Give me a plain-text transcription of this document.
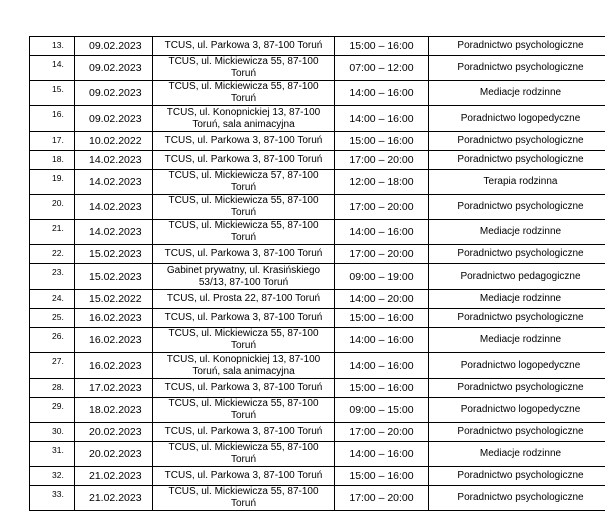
13.	09.02.2023	TCUS, ul. Parkowa 3, 87-100 Toruń	15:00 – 16:00	Poradnictwo psychologiczne
14.	09.02.2023	TCUS, ul. Mickiewicza 55, 87-100 Toruń	07:00 – 12:00	Poradnictwo psychologiczne
15.	09.02.2023	TCUS, ul. Mickiewicza 55, 87-100 Toruń	14:00 – 16:00	Mediacje rodzinne
16.	09.02.2023	TCUS, ul. Konopnickiej 13, 87-100 Toruń, sala animacyjna	14:00 – 16:00	Poradnictwo logopedyczne
17.	10.02.2022	TCUS, ul. Parkowa 3, 87-100 Toruń	15:00 – 16:00	Poradnictwo psychologiczne
18.	14.02.2023	TCUS, ul. Parkowa 3, 87-100 Toruń	17:00 – 20:00	Poradnictwo psychologiczne
19.	14.02.2023	TCUS, ul. Mickiewicza 57, 87-100 Toruń	12:00 – 18:00	Terapia rodzinna
20.	14.02.2023	TCUS, ul. Mickiewicza 55, 87-100 Toruń	17:00 – 20:00	Poradnictwo psychologiczne
21.	14.02.2023	TCUS, ul. Mickiewicza 55, 87-100 Toruń	14:00 – 16:00	Mediacje rodzinne
22.	15.02.2023	TCUS, ul. Parkowa 3, 87-100 Toruń	17:00 – 20:00	Poradnictwo psychologiczne
23.	15.02.2023	Gabinet prywatny, ul. Krasińskiego 53/13, 87-100 Toruń	09:00 – 19:00	Poradnictwo pedagogiczne
24.	15.02.2022	TCUS, ul. Prosta 22, 87-100 Toruń	14:00 – 20:00	Mediacje rodzinne
25.	16.02.2023	TCUS, ul. Parkowa 3, 87-100 Toruń	15:00 – 16:00	Poradnictwo psychologiczne
26.	16.02.2023	TCUS, ul. Mickiewicza 55, 87-100 Toruń	14:00 – 16:00	Mediacje rodzinne
27.	16.02.2023	TCUS, ul. Konopnickiej 13, 87-100 Toruń, sala animacyjna	14:00 – 16:00	Poradnictwo logopedyczne
28.	17.02.2023	TCUS, ul. Parkowa 3, 87-100 Toruń	15:00 – 16:00	Poradnictwo psychologiczne
29.	18.02.2023	TCUS, ul. Mickiewicza 55, 87-100 Toruń	09:00 – 15:00	Poradnictwo logopedyczne
30.	20.02.2023	TCUS, ul. Parkowa 3, 87-100 Toruń	17:00 – 20:00	Poradnictwo psychologiczne
31.	20.02.2023	TCUS, ul. Mickiewicza 55, 87-100 Toruń	14:00 – 16:00	Mediacje rodzinne
32.	21.02.2023	TCUS, ul. Parkowa 3, 87-100 Toruń	15:00 – 16:00	Poradnictwo psychologiczne
33.	21.02.2023	TCUS, ul. Mickiewicza 55, 87-100 Toruń	17:00 – 20:00	Poradnictwo psychologiczne
